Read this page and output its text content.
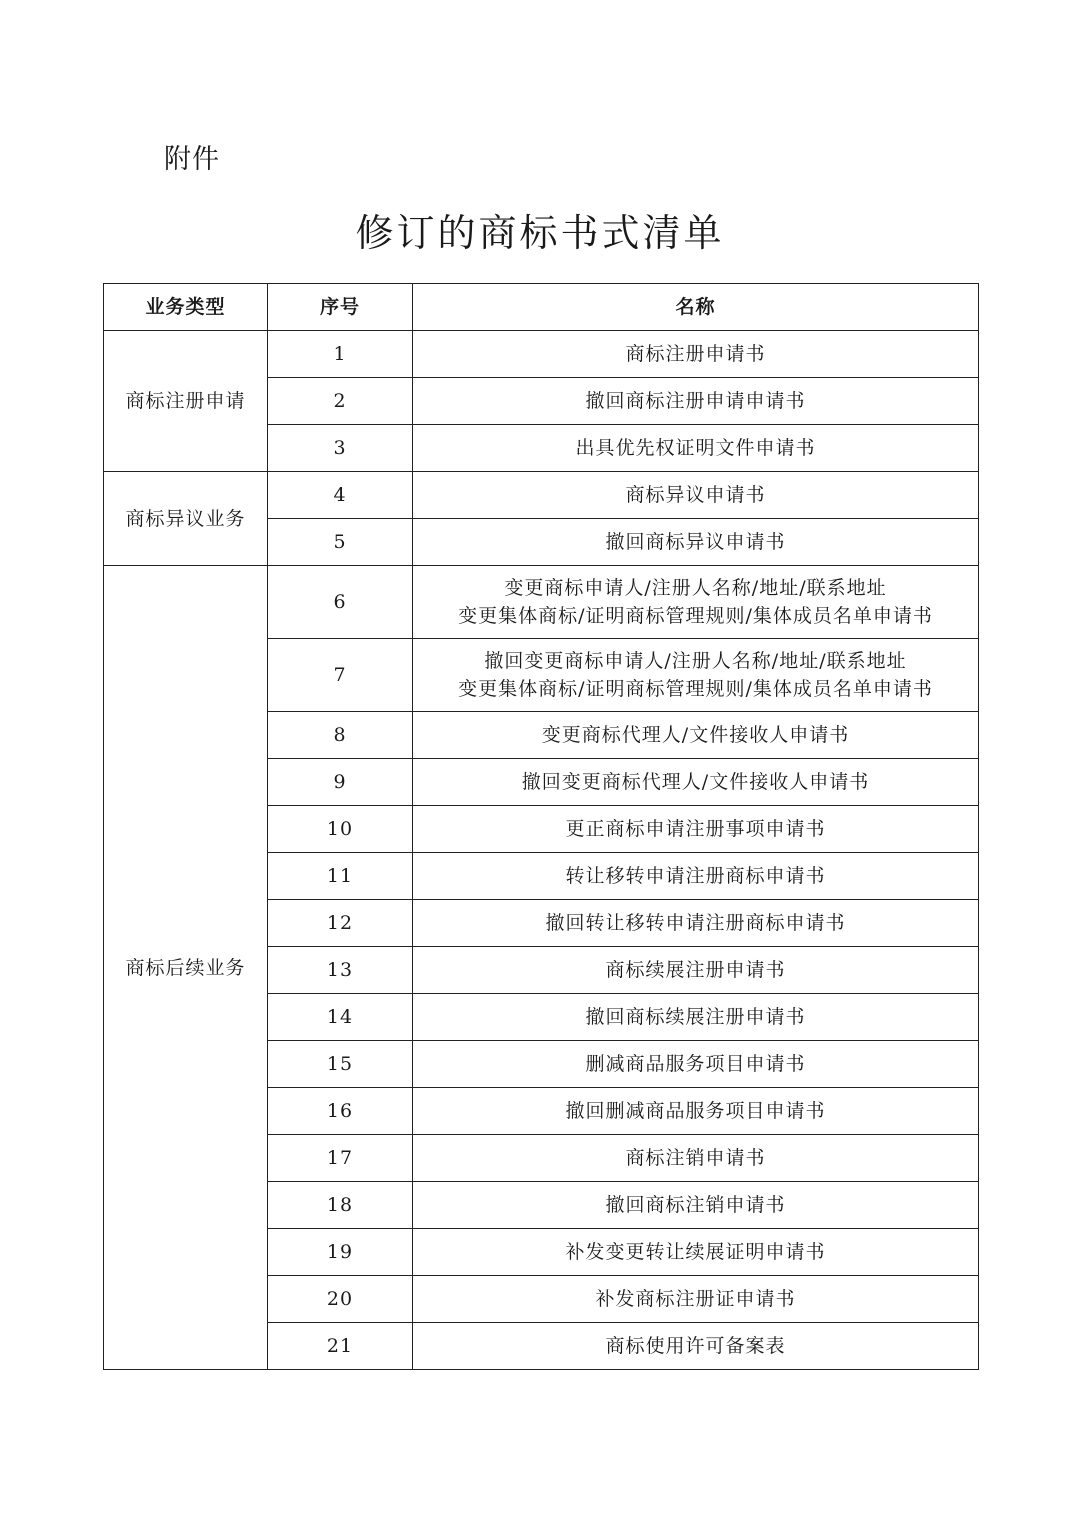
附件
修订的商标书式清单
业务类型	序号	名称
商标注册申请	1	商标注册申请书

	2	撤回商标注册申请申请书

	3	出具优先权证明文件申请书

商标异议业务	4	商标异议申请书

	5	撤回商标异议申请书

商标后续业务	6	变更商标申请人/注册人名称/地址/联系地址
变更集体商标/证明商标管理规则/集体成员名单申请书

	7	撤回变更商标申请人/注册人名称/地址/联系地址
变更集体商标/证明商标管理规则/集体成员名单申请书

	8	变更商标代理人/文件接收人申请书

	9	撤回变更商标代理人/文件接收人申请书

	10	更正商标申请注册事项申请书

	11	转让移转申请注册商标申请书

	12	撤回转让移转申请注册商标申请书

	13	商标续展注册申请书

	14	撤回商标续展注册申请书

	15	删减商品服务项目申请书

	16	撤回删减商品服务项目申请书

	17	商标注销申请书

	18	撤回商标注销申请书

	19	补发变更转让续展证明申请书

	20	补发商标注册证申请书

	21	商标使用许可备案表
